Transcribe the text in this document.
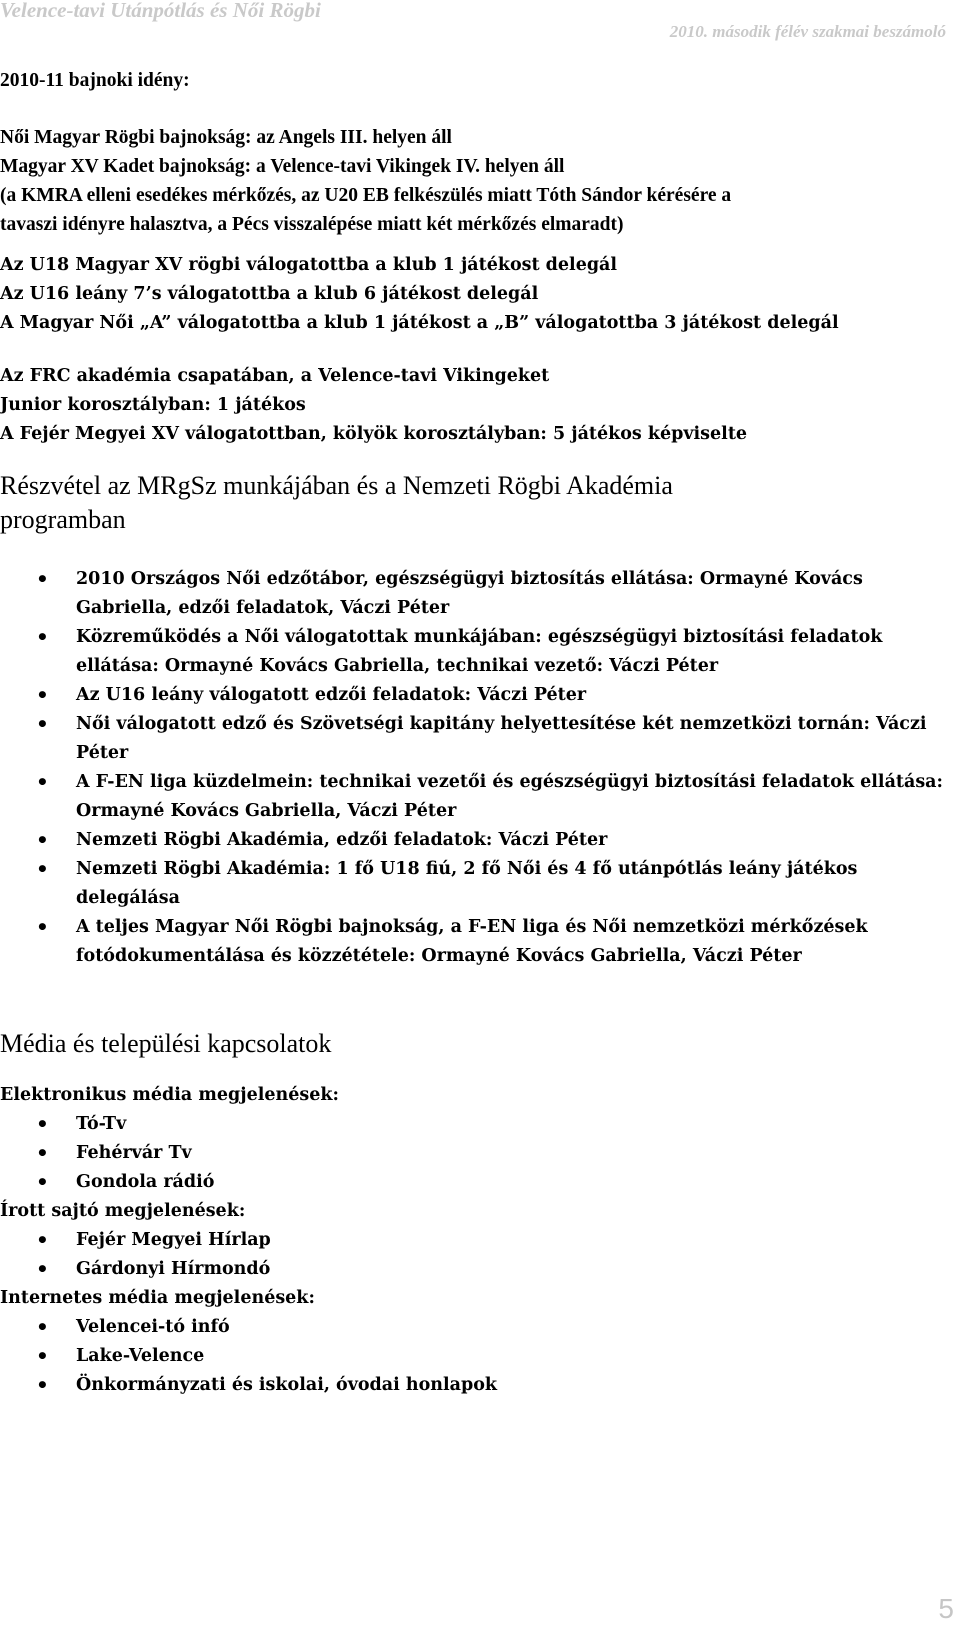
Velence-tavi Utánpótlás és Női Rögbi
2010. második félév szakmai beszámoló
2010-11 bajnoki idény:
Női Magyar Rögbi bajnokság: az Angels III. helyen áll
Magyar XV Kadet bajnokság: a Velence-tavi Vikingek IV. helyen áll
(a KMRA elleni esedékes mérkőzés, az U20 EB felkészülés miatt Tóth Sándor kérésére a
tavaszi idényre halasztva, a Pécs visszalépése miatt két mérkőzés elmaradt)
Az U18 Magyar XV rögbi válogatottba a klub 1 játékost delegál
Az U16 leány 7’s válogatottba a klub 6 játékost delegál
A Magyar Női „A” válogatottba a klub 1 játékost a „B” válogatottba 3 játékost delegál
Az FRC akadémia csapatában, a Velence-tavi Vikingeket
Junior korosztályban: 1 játékos
A Fejér Megyei XV válogatottban, kölyök korosztályban: 5 játékos képviselte
Részvétel az MRgSz munkájában és a Nemzeti Rögbi Akadémia
programban
• 2010 Országos Női edzőtábor, egészségügyi biztosítás ellátása: Ormayné Kovács Gabriella, edzői feladatok, Váczi Péter
• Közreműködés a Női válogatottak munkájában: egészségügyi biztosítási feladatok ellátása: Ormayné Kovács Gabriella, technikai vezető: Váczi Péter
• Az U16 leány válogatott edzői feladatok: Váczi Péter
• Női válogatott edző és Szövetségi kapitány helyettesítése két nemzetközi tornán: Váczi Péter
• A F-EN liga küzdelmein: technikai vezetői és egészségügyi biztosítási feladatok ellátása: Ormayné Kovács Gabriella, Váczi Péter
• Nemzeti Rögbi Akadémia, edzői feladatok: Váczi Péter
• Nemzeti Rögbi Akadémia: 1 fő U18 fiú, 2 fő Női és 4 fő utánpótlás leány játékos delegálása
• A teljes Magyar Női Rögbi bajnokság, a F-EN liga és Női nemzetközi mérkőzések fotódokumentálása és közzététele: Ormayné Kovács Gabriella, Váczi Péter
Média és települési kapcsolatok
Elektronikus média megjelenések:
• Tó-Tv
• Fehérvár Tv
• Gondola rádió
Írott sajtó megjelenések:
• Fejér Megyei Hírlap
• Gárdonyi Hírmondó
Internetes média megjelenések:
• Velencei-tó infó
• Lake-Velence
• Önkormányzati és iskolai, óvodai honlapok
5
